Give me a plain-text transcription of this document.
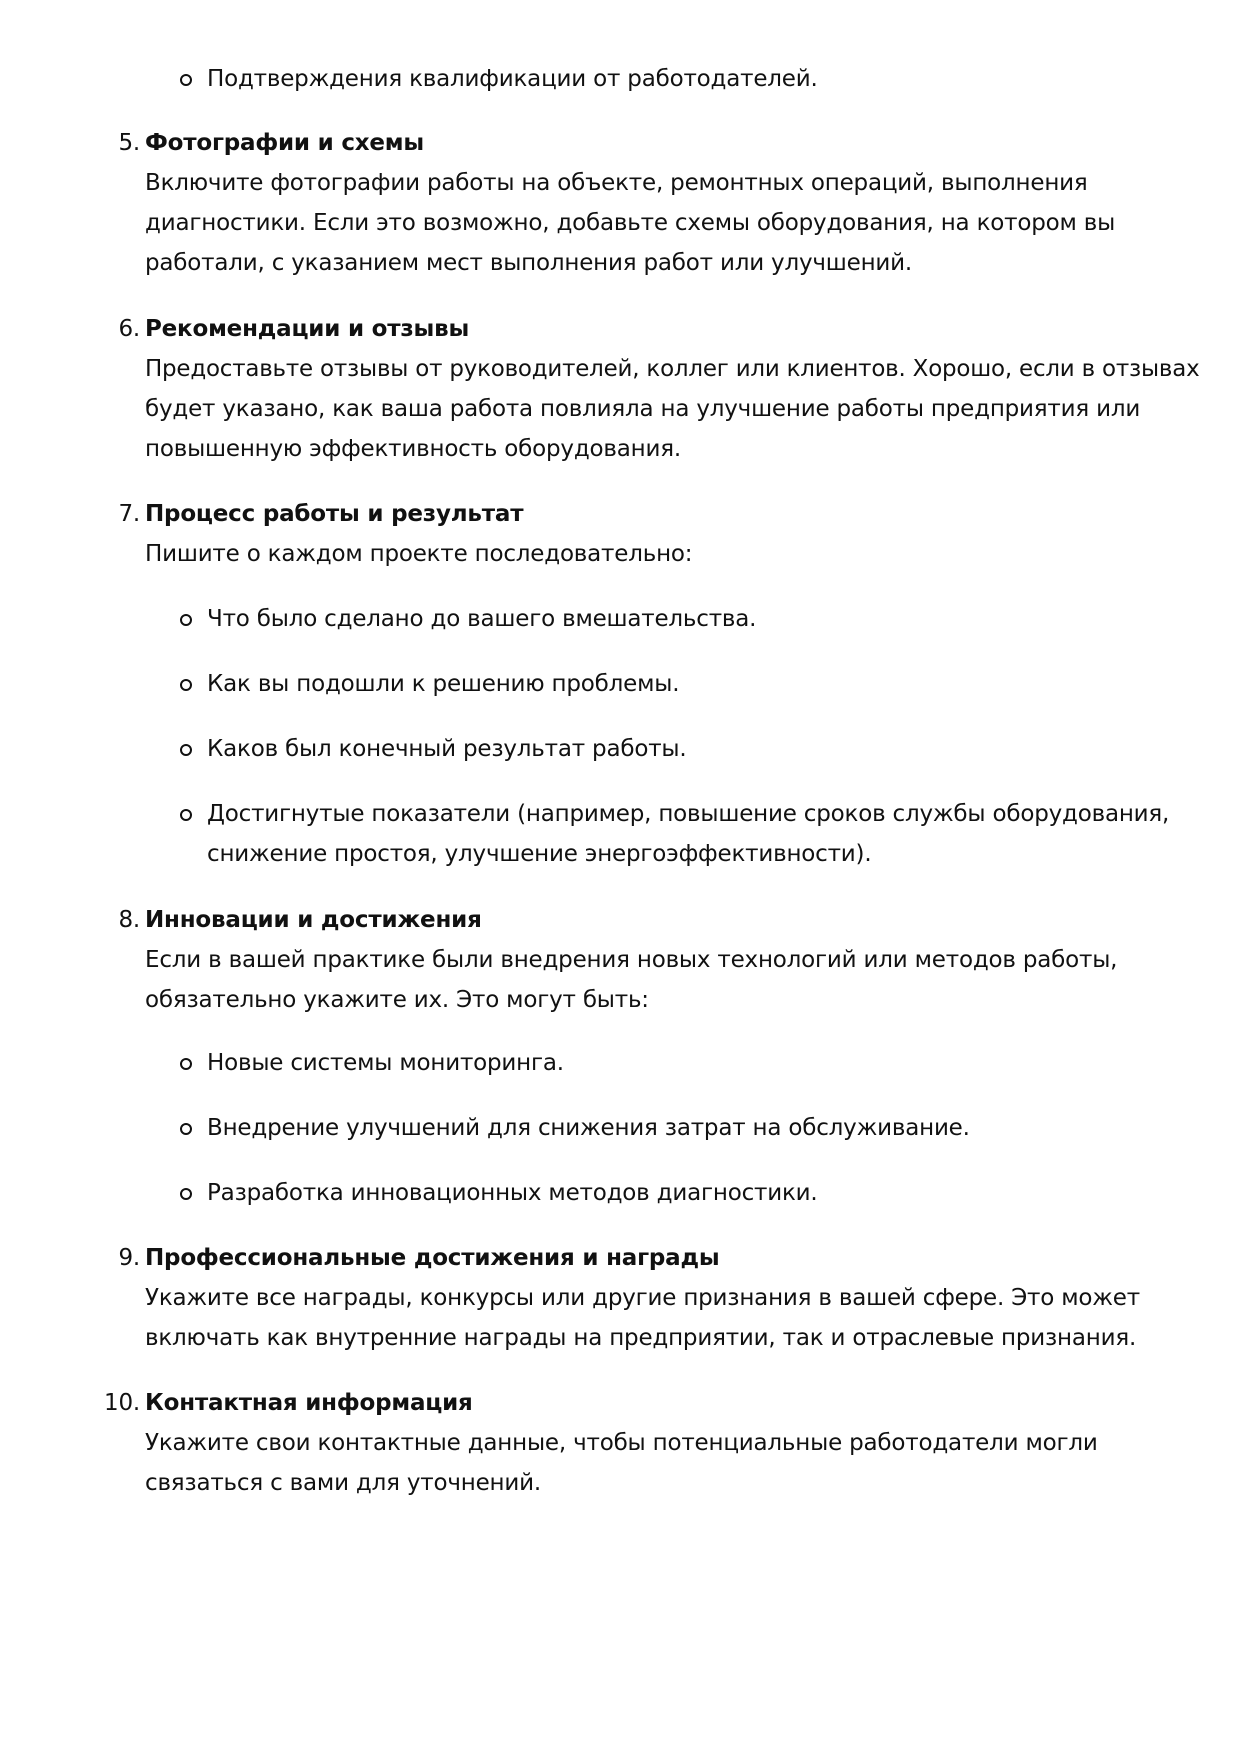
Подтверждения квалификации от работодателей.
5. Фотографии и схемы
Включите фотографии работы на объекте, ремонтных операций, выполнения
диагностики. Если это возможно, добавьте схемы оборудования, на котором вы
работали, с указанием мест выполнения работ или улучшений.
6. Рекомендации и отзывы
Предоставьте отзывы от руководителей, коллег или клиентов. Хорошо, если в отзывах
будет указано, как ваша работа повлияла на улучшение работы предприятия или
повышенную эффективность оборудования.
7. Процесс работы и результат
Пишите о каждом проекте последовательно:
Что было сделано до вашего вмешательства.
Как вы подошли к решению проблемы.
Каков был конечный результат работы.
Достигнутые показатели (например, повышение сроков службы оборудования,
снижение простоя, улучшение энергоэффективности).
8. Инновации и достижения
Если в вашей практике были внедрения новых технологий или методов работы,
обязательно укажите их. Это могут быть:
Новые системы мониторинга.
Внедрение улучшений для снижения затрат на обслуживание.
Разработка инновационных методов диагностики.
9. Профессиональные достижения и награды
Укажите все награды, конкурсы или другие признания в вашей сфере. Это может
включать как внутренние награды на предприятии, так и отраслевые признания.
10. Контактная информация
Укажите свои контактные данные, чтобы потенциальные работодатели могли
связаться с вами для уточнений.
